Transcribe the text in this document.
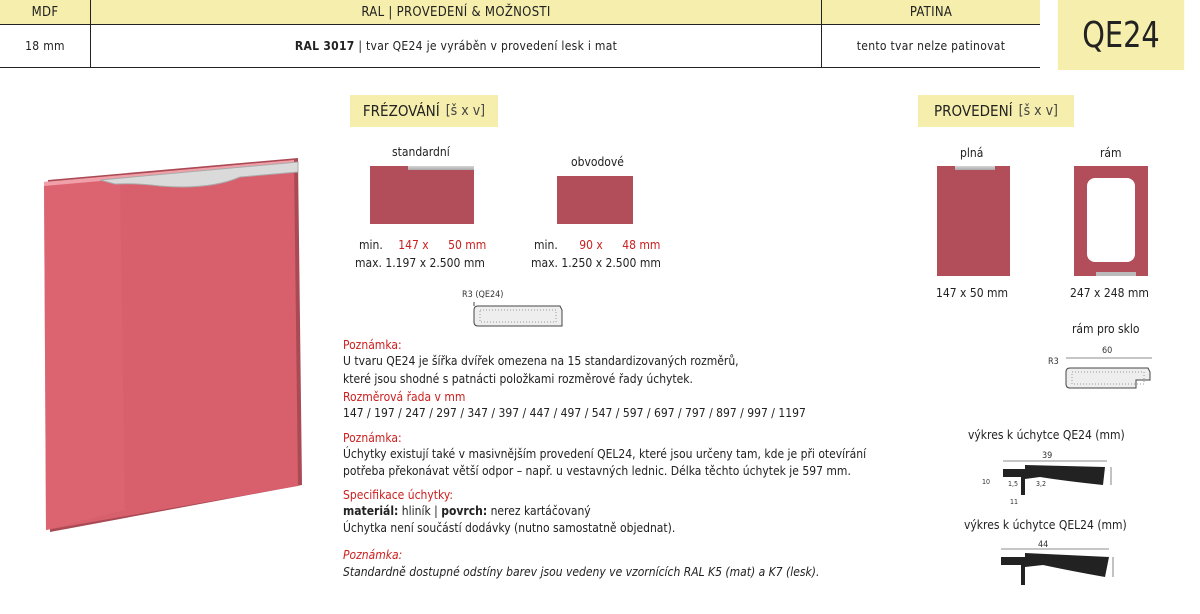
MDF	RAL | PROVEDENÍ & MOŽNOSTI	PATINA
18 mm	RAL 3017 | tvar QE24 je vyráběn v provedení lesk i mat	tento tvar nelze patinovat	QE24
FRÉZOVÁNÍ [š x v]
standardní
min. 147 x 50 mm
max. 1.197 x 2.500 mm
obvodové
min. 90 x 48 mm
max. 1.250 x 2.500 mm
R3 (QE24)
Poznámka:
U tvaru QE24 je šířka dvířek omezena na 15 standardizovaných rozměrů,
které jsou shodné s patnácti položkami rozměrové řady úchytek.
Rozměrová řada v mm
147 / 197 / 247 / 297 / 347 / 397 / 447 / 497 / 547 / 597 / 697 / 797 / 897 / 997 / 1197
Poznámka:
Úchytky existují také v masivnějším provedení QEL24, které jsou určeny tam, kde je při otevírání
potřeba překonávat větší odpor – např. u vestavných lednic. Délka těchto úchytek je 597 mm.
Specifikace úchytky:
materiál: hliník | povrch: nerez kartáčovaný
Úchytka není součástí dodávky (nutno samostatně objednat).
Poznámka:
Standardně dostupné odstíny barev jsou vedeny ve vzornících RAL K5 (mat) a K7 (lesk).
PROVEDENÍ [š x v]
plná
147 x 50 mm
rám
247 x 248 mm
rám pro sklo
R3
60
výkres k úchytce QE24 (mm)
39
10	1,5	3,2
11
výkres k úchytce QEL24 (mm)
44
